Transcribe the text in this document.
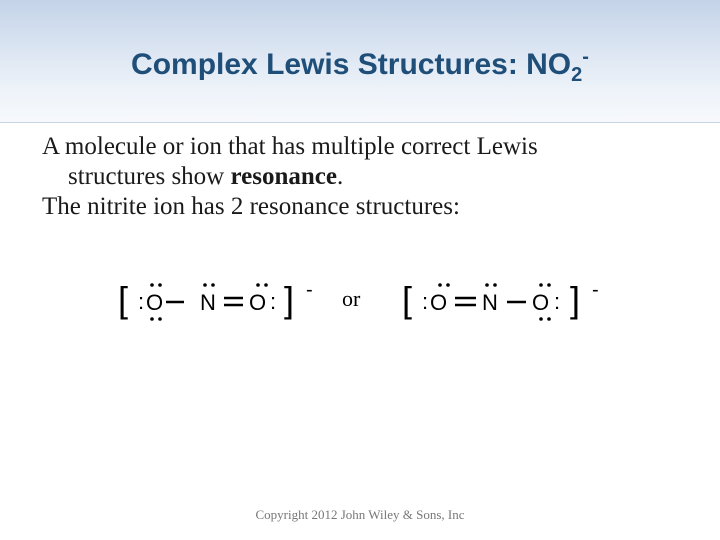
Complex Lewis Structures: $NO_2^-$

A molecule or ion that has multiple correct Lewis

structures show resonance.

The nitrite ion has 2 resonance structures:

[ : O N O : ] - or [ : O N O : ] -
Copyright 2012 John Wiley & Sons, Inc
